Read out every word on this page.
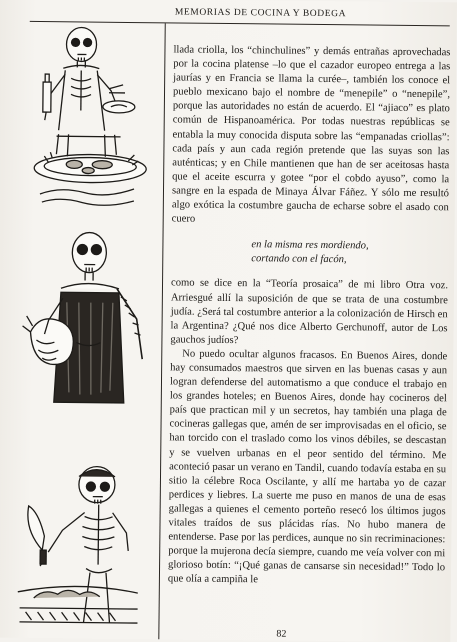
MEMORIAS DE COCINA Y BODEGA

llada criolla, los “chinchulines” y demás entrañas aprovechadas por la cocina platense –lo que el cazador europeo entrega a las jaurías y en Francia se llama la curée–, también los conoce el pueblo mexicano bajo el nombre de “menepile” o “nenepile”, porque las autoridades no están de acuerdo. El “ajiaco” es plato común de Hispanoamérica. Por todas nuestras repúblicas se entabla la muy conocida disputa sobre las “empanadas criollas”: cada país y aun cada región pretende que las suyas son las auténticas; y en Chile mantienen que han de ser aceitosas hasta que el aceite escurra y gotee “por el cobdo ayuso”, como la sangre en la espada de Minaya Álvar Fáñez. Y sólo me resultó algo exótica la costumbre gaucha de echarse sobre el asado con cuero

en la misma res mordiendo,
cortando con el facón,

como se dice en la “Teoría prosaica” de mi libro Otra voz. Arriesgué allí la suposición de que se trata de una costumbre judía. ¿Será tal costumbre anterior a la colonización de Hirsch en la Argentina? ¿Qué nos dice Alberto Gerchunoff, autor de Los gauchos judíos?

No puedo ocultar algunos fracasos. En Buenos Aires, donde hay consumados maestros que sirven en las buenas casas y aun logran defenderse del automatismo a que conduce el trabajo en los grandes hoteles; en Buenos Aires, donde hay cocineros del país que practican mil y un secretos, hay también una plaga de cocineras gallegas que, amén de ser improvisadas en el oficio, se han torcido con el traslado como los vinos débiles, se descastan y se vuelven urbanas en el peor sentido del término. Me aconteció pasar un verano en Tandil, cuando todavía estaba en su sitio la célebre Roca Oscilante, y allí me hartaba yo de cazar perdices y liebres. La suerte me puso en manos de una de esas gallegas a quienes el cemento porteño resecó los últimos jugos vitales traídos de sus plácidas rías. No hubo manera de entenderse. Pase por las perdices, aunque no sin recriminaciones: porque la mujerona decía siempre, cuando me veía volver con mi glorioso botín: “¡Qué ganas de cansarse sin necesidad!” Todo lo que olía a campiña le

82
